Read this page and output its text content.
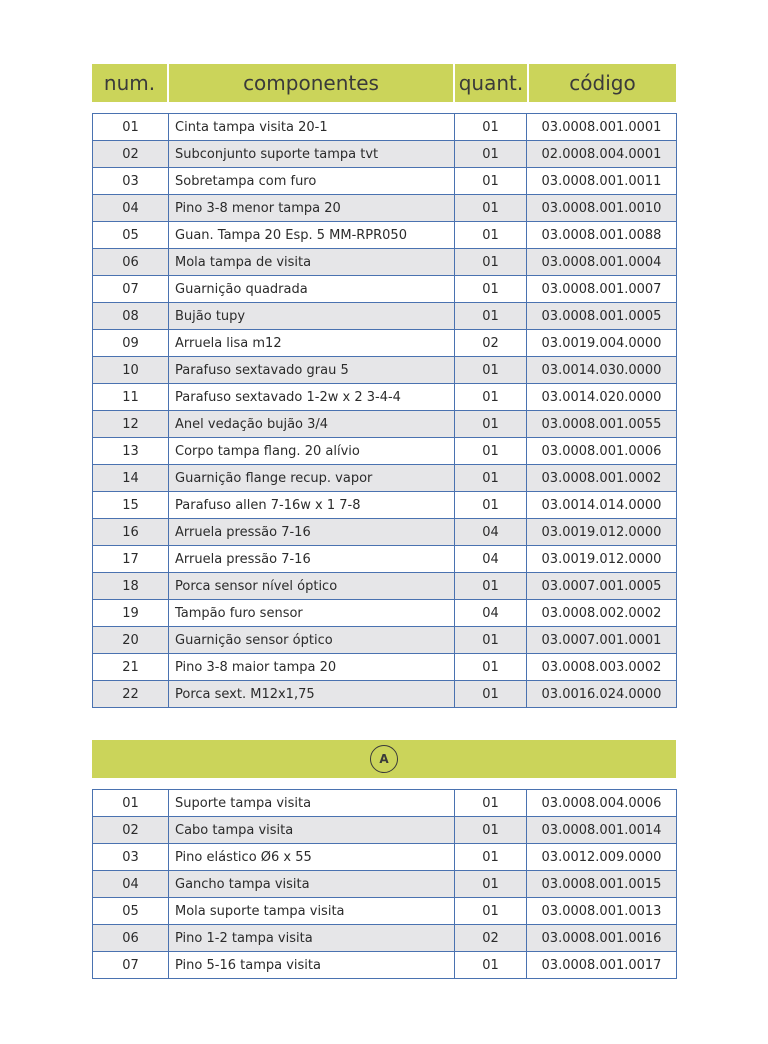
num.	componentes	quant.	código
01	Cinta tampa visita 20-1	01	03.0008.001.0001
02	Subconjunto suporte tampa tvt	01	02.0008.004.0001
03	Sobretampa com furo	01	03.0008.001.0011
04	Pino 3-8 menor tampa 20	01	03.0008.001.0010
05	Guan. Tampa 20 Esp. 5 MM-RPR050	01	03.0008.001.0088
06	Mola tampa de visita	01	03.0008.001.0004
07	Guarnição quadrada	01	03.0008.001.0007
08	Bujão tupy	01	03.0008.001.0005
09	Arruela lisa m12	02	03.0019.004.0000
10	Parafuso sextavado grau 5	01	03.0014.030.0000
11	Parafuso sextavado 1-2w x 2 3-4-4	01	03.0014.020.0000
12	Anel vedação bujão 3/4	01	03.0008.001.0055
13	Corpo tampa flang. 20 alívio	01	03.0008.001.0006
14	Guarnição flange recup. vapor	01	03.0008.001.0002
15	Parafuso allen 7-16w x 1 7-8	01	03.0014.014.0000
16	Arruela pressão 7-16	04	03.0019.012.0000
17	Arruela pressão 7-16	04	03.0019.012.0000
18	Porca sensor nível óptico	01	03.0007.001.0005
19	Tampão furo sensor	04	03.0008.002.0002
20	Guarnição sensor óptico	01	03.0007.001.0001
21	Pino 3-8 maior tampa 20	01	03.0008.003.0002
22	Porca sext. M12x1,75	01	03.0016.024.0000
A
01	Suporte tampa visita	01	03.0008.004.0006
02	Cabo tampa visita	01	03.0008.001.0014
03	Pino elástico Ø6 x 55	01	03.0012.009.0000
04	Gancho tampa visita	01	03.0008.001.0015
05	Mola suporte tampa visita	01	03.0008.001.0013
06	Pino 1-2 tampa visita	02	03.0008.001.0016
07	Pino 5-16 tampa visita	01	03.0008.001.0017
